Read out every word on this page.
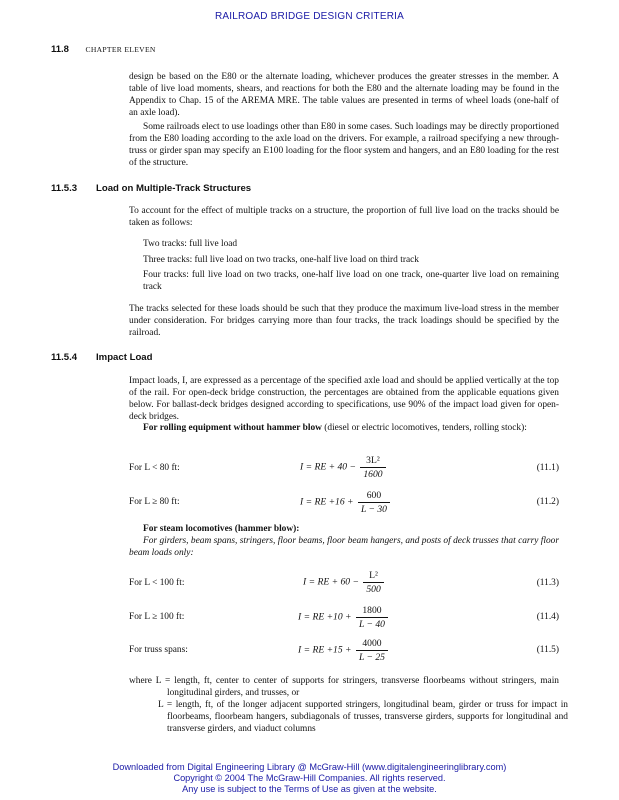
RAILROAD BRIDGE DESIGN CRITERIA
11.8 CHAPTER ELEVEN

design be based on the E80 or the alternate loading, whichever produces the greater stresses in the member. A table of live load moments, shears, and reactions for both the E80 and the alternate loading may be found in the Appendix to Chap. 15 of the AREMA MRE. The table values are presented in terms of wheel loads (one-half of an axle load).

Some railroads elect to use loadings other than E80 in some cases. Such loadings may be directly proportioned from the E80 loading according to the axle load on the drivers. For example, a railroad specifying a new through-truss or girder span may specify an E100 loading for the floor system and hangers, and an E80 loading for the rest of the structure.

11.5.3 Load on Multiple-Track Structures

To account for the effect of multiple tracks on a structure, the proportion of full live load on the tracks should be taken as follows:

Two tracks: full live load
Three tracks: full live load on two tracks, one-half live load on third track
Four tracks: full live load on two tracks, one-half live load on one track, one-quarter live load on remaining track

The tracks selected for these loads should be such that they produce the maximum live-load stress in the member under consideration. For bridges carrying more than four tracks, the track loadings should be specified by the railroad.

11.5.4 Impact Load

Impact loads, I, are expressed as a percentage of the specified axle load and should be applied vertically at the top of the rail. For open-deck bridge construction, the percentages are obtained from the applicable equations given below. For ballast-deck bridges designed according to specifications, use 90% of the impact load given for open-deck bridges.

For rolling equipment without hammer blow (diesel or electric locomotives, tenders, rolling stock):

For L < 80 ft:	I = RE + $40 - \frac{\text{3L²}}{1600}$	(11.1)
For L ≥ 80 ft:	I = RE $+16 + \frac{600}{L - 30}$	(11.2)

For steam locomotives (hammer blow):

For girders, beam spans, stringers, floor beams, floor beam hangers, and posts of deck trusses that carry floor beam loads only:

For L < 100 ft:	I = RE + $60 - \frac{\text{L²}}{500}$	(11.3)
For L ≥ 100 ft:	I = RE $+10 + \frac{1800}{L - 40}$	(11.4)
For truss spans:	I = RE $+15 + \frac{4000}{L - 25}$	(11.5)
where L = length, ft, center to center of supports for stringers, transverse floorbeams without stringers, main longitudinal girders, and trusses, or
L = length, ft, of the longer adjacent supported stringers, longitudinal beam, girder or truss for impact in floorbeams, floorbeam hangers, subdiagonals of trusses, transverse girders, supports for longitudinal and transverse girders, and viaduct columns
Downloaded from Digital Engineering Library @ McGraw-Hill (www.digitalengineeringlibrary.com)
Copyright © 2004 The McGraw-Hill Companies. All rights reserved.
Any use is subject to the Terms of Use as given at the website.
